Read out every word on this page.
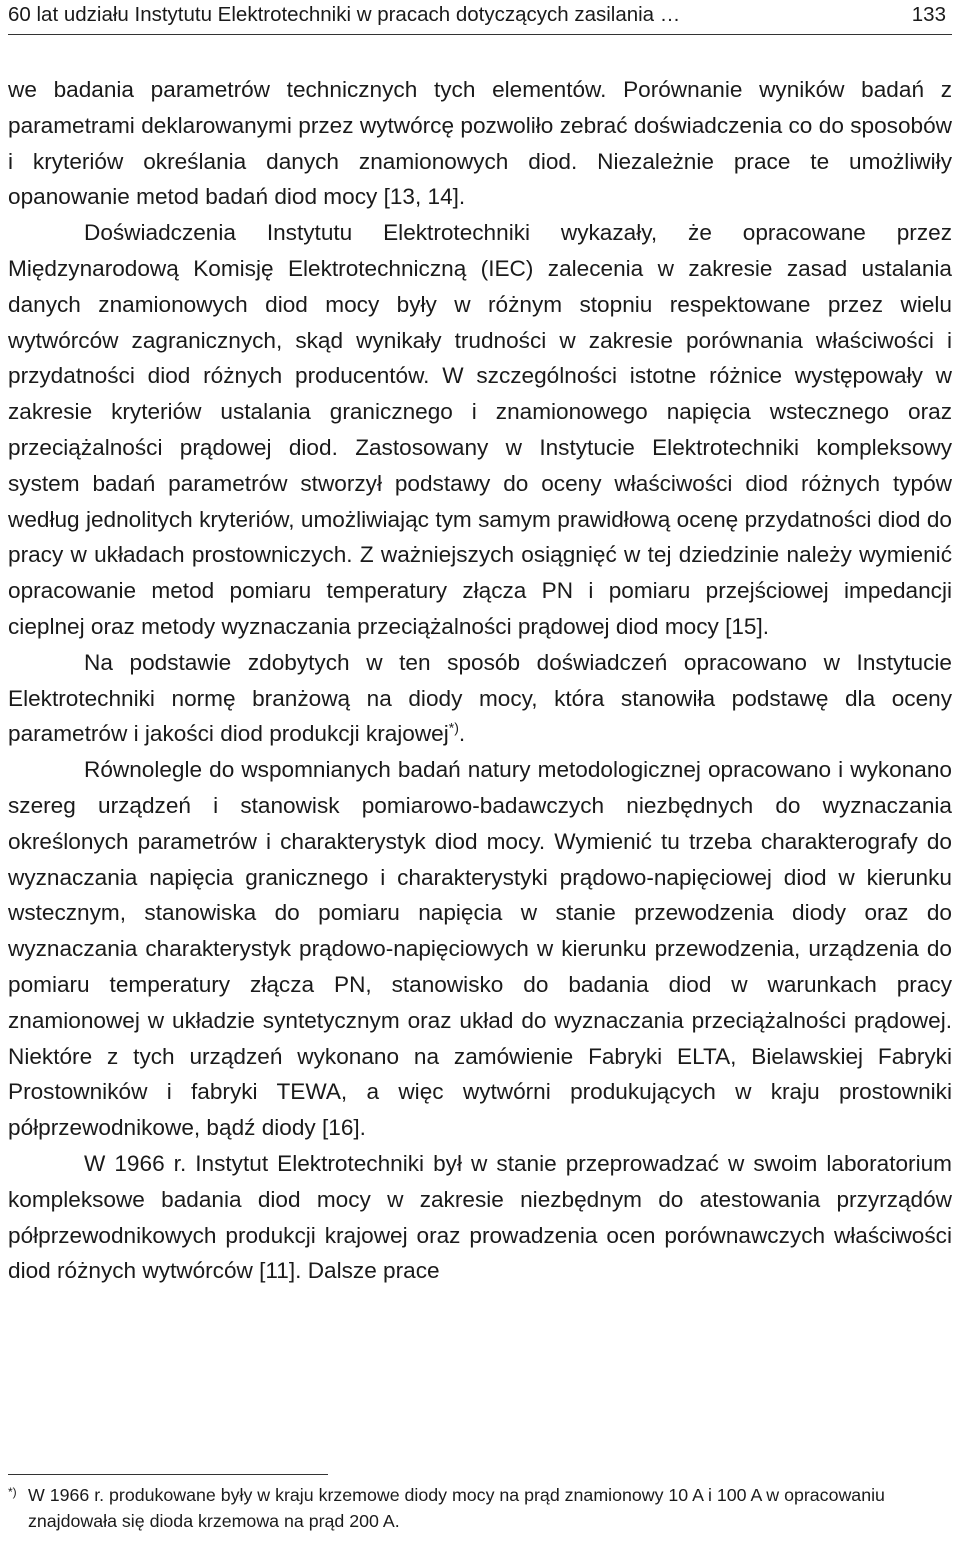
60 lat udziału Instytutu Elektrotechniki w pracach dotyczących zasilania …	133

we badania parametrów technicznych tych elementów. Porównanie wyników badań z parametrami deklarowanymi przez wytwórcę pozwoliło zebrać doświadczenia co do sposobów i kryteriów określania danych znamionowych diod. Niezależnie prace te umożliwiły opanowanie metod badań diod mocy [13, 14].

Doświadczenia Instytutu Elektrotechniki wykazały, że opracowane przez Międzynarodową Komisję Elektrotechniczną (IEC) zalecenia w zakresie zasad ustalania danych znamionowych diod mocy były w różnym stopniu respektowane przez wielu wytwórców zagranicznych, skąd wynikały trudności w zakresie porównania właściwości i przydatności diod różnych producentów. W szczególności istotne różnice występowały w zakresie kryteriów ustalania granicznego i znamionowego napięcia wstecznego oraz przeciążalności prądowej diod. Zastosowany w Instytucie Elektrotechniki kompleksowy system badań parametrów stworzył podstawy do oceny właściwości diod różnych typów według jednolitych kryteriów, umożliwiając tym samym prawidłową ocenę przydatności diod do pracy w układach prostowniczych. Z ważniejszych osiągnięć w tej dziedzinie należy wymienić opracowanie metod pomiaru temperatury złącza PN i pomiaru przejściowej impedancji cieplnej oraz metody wyznaczania przeciążalności prądowej diod mocy [15].

Na podstawie zdobytych w ten sposób doświadczeń opracowano w Instytucie Elektrotechniki normę branżową na diody mocy, która stanowiła podstawę dla oceny parametrów i jakości diod produkcji krajowej*).

Równolegle do wspomnianych badań natury metodologicznej opracowano i wykonano szereg urządzeń i stanowisk pomiarowo-badawczych niezbędnych do wyznaczania określonych parametrów i charakterystyk diod mocy. Wymienić tu trzeba charakterografy do wyznaczania napięcia granicznego i charakterystyki prądowo-napięciowej diod w kierunku wstecznym, stanowiska do pomiaru napięcia w stanie przewodzenia diody oraz do wyznaczania charakterystyk prądowo-napięciowych w kierunku przewodzenia, urządzenia do pomiaru temperatury złącza PN, stanowisko do badania diod w warunkach pracy znamionowej w układzie syntetycznym oraz układ do wyznaczania przeciążalności prądowej. Niektóre z tych urządzeń wykonano na zamówienie Fabryki ELTA, Bielawskiej Fabryki Prostowników i fabryki TEWA, a więc wytwórni produkujących w kraju prostowniki półprzewodnikowe, bądź diody [16].

W 1966 r. Instytut Elektrotechniki był w stanie przeprowadzać w swoim laboratorium kompleksowe badania diod mocy w zakresie niezbędnym do atestowania przyrządów półprzewodnikowych produkcji krajowej oraz prowadzenia ocen porównawczych właściwości diod różnych wytwórców [11]. Dalsze prace

*) W 1966 r. produkowane były w kraju krzemowe diody mocy na prąd znamionowy 10 A i 100 A w opracowaniu znajdowała się dioda krzemowa na prąd 200 A.
